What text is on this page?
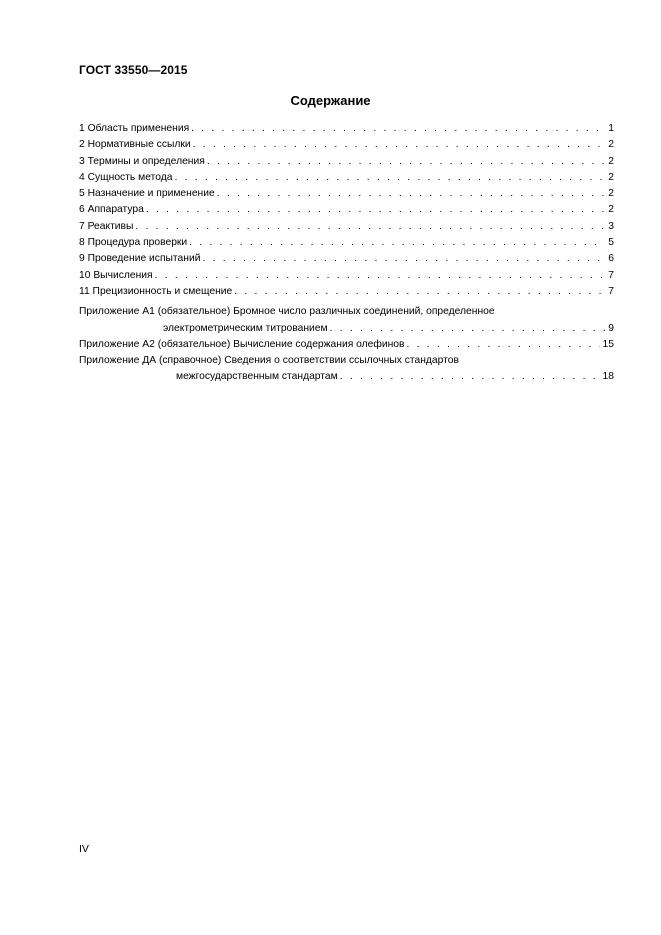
ГОСТ 33550—2015
Содержание
1 Область применения . . .	1
2 Нормативные ссылки . . .	2
3 Термины и определения . . .	2
4 Сущность метода . . .	2
5 Назначение и применение . . .	2
6 Аппаратура . . .	2
7 Реактивы . . .	3
8 Процедура проверки . . .	5
9 Проведение испытаний . . .	6
10 Вычисления . . .	7
11 Прецизионность и смещение . . .	7
Приложение А1 (обязательное) Бромное число различных соединений, определенное
электрометрическим титрованием . . .	9
Приложение А2 (обязательное) Вычисление содержания олефинов . . .	15
Приложение ДА (справочное) Сведения о соответствии ссылочных стандартов
межгосударственным стандартам . . .	18
IV
